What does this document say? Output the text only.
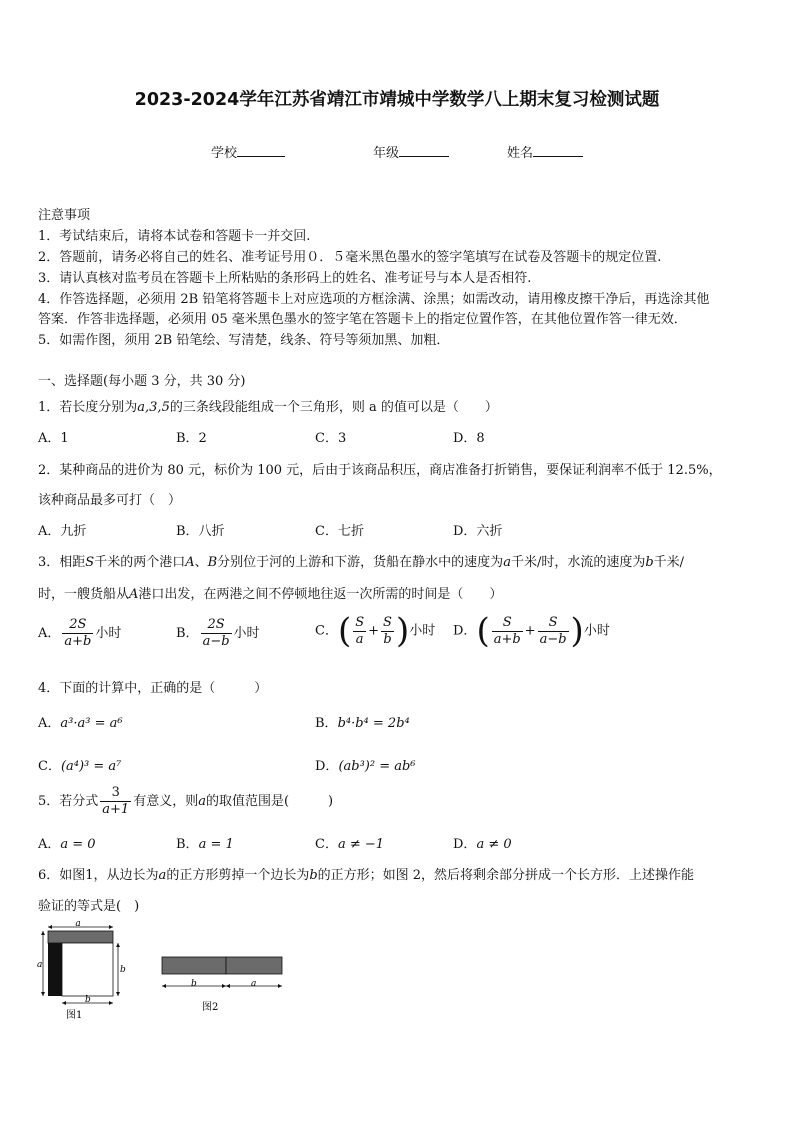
2023-2024学年江苏省靖江市靖城中学数学八上期末复习检测试题
学校	年级	姓名
注意事项
1．考试结束后，请将本试卷和答题卡一并交回.
2．答题前，请务必将自己的姓名、准考证号用０．５毫米黑色墨水的签字笔填写在试卷及答题卡的规定位置.
3．请认真核对监考员在答题卡上所粘贴的条形码上的姓名、准考证号与本人是否相符.
4．作答选择题，必须用 2B 铅笔将答题卡上对应选项的方框涂满、涂黑；如需改动，请用橡皮擦干净后，再选涂其他
答案．作答非选择题，必须用 05 毫米黑色墨水的签字笔在答题卡上的指定位置作答，在其他位置作答一律无效．
5．如需作图，须用 2B 铅笔绘、写清楚，线条、符号等须加黑、加粗．
一、选择题(每小题 3 分，共 30 分)
1．若长度分别为a,3,5的三条线段能组成一个三角形，则 a 的值可以是（　　）
A．1	B．2	C．3	D．8
2．某种商品的进价为 80 元，标价为 100 元，后由于该商品积压，商店准备打折销售，要保证利润率不低于 12.5%，
该种商品最多可打（　）
A．九折	B．八折	C．七折	D．六折
3．相距S千米的两个港口A、B分别位于河的上游和下游，货船在静水中的速度为a千米/时，水流的速度为b千米/
时，一艘货船从A港口出发，在两港之间不停顿地往返一次所需的时间是（　　）
A． $\frac{2S}{a+b}$ 小时	B． $\frac{2S}{a-b}$ 小时	C．( $\frac{S}{a} + \frac{S}{b}$ )小时 D．( $\frac{S}{a+b} + \frac{S}{a-b}$ )小时
4．下面的计算中，正确的是（　　　）
A．a³·a³ = a⁶	B．b⁴·b⁴ = 2b⁴
C．(a⁴)³ = a⁷	D．(ab³)² = ab⁶
5．若分式 $\frac{3}{a+1}$ 有意义，则a的取值范围是(　　　)
A．a = 0	B．a = 1	C．a ≠ −1	D．a ≠ 0
6．如图1，从边长为a的正方形剪掉一个边长为b的正方形；如图 2，然后将剩余部分拼成一个长方形．上述操作能
验证的等式是(　)
a
a	b
b
图1
b	a
图2
